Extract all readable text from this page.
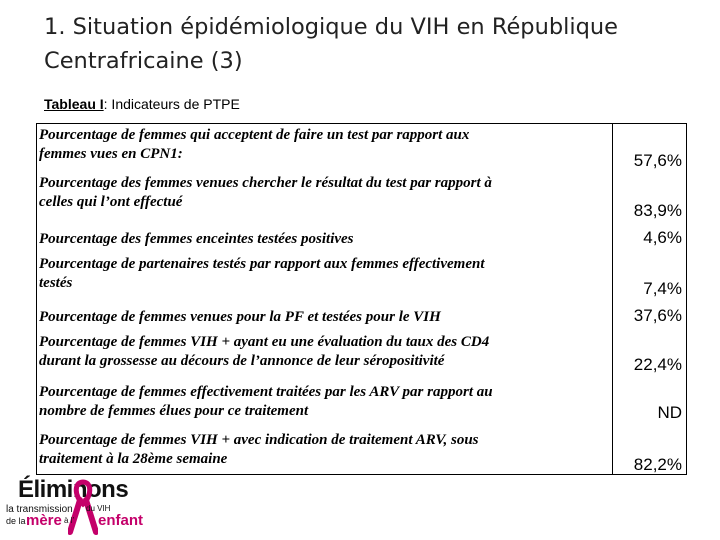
1. Situation épidémiologique du VIH en République Centrafricaine (3)
Tableau I: Indicateurs de PTPE
Pourcentage de femmes qui acceptent de faire un test par rapport aux
femmes vues en CPN1:	57,6%
Pourcentage des femmes venues chercher le résultat du test par rapport à
celles qui l’ont effectué	83,9%
Pourcentage des femmes enceintes testées positives	4,6%
Pourcentage de partenaires testés par rapport aux femmes effectivement
testés	7,4%
Pourcentage de femmes venues pour la PF et testées pour le VIH	37,6%
Pourcentage de femmes VIH + ayant eu une évaluation du taux des CD4
durant la grossesse au décours de l’annonce de leur séropositivité	22,4%
Pourcentage de femmes effectivement traitées par les ARV par rapport au
nombre de femmes élues pour ce traitement	ND
Pourcentage de femmes VIH + avec indication de traitement ARV, sous
traitement à la 28ème semaine	82,2%
Éliminons
la transmission du VIH
de la mère à l’ enfant
